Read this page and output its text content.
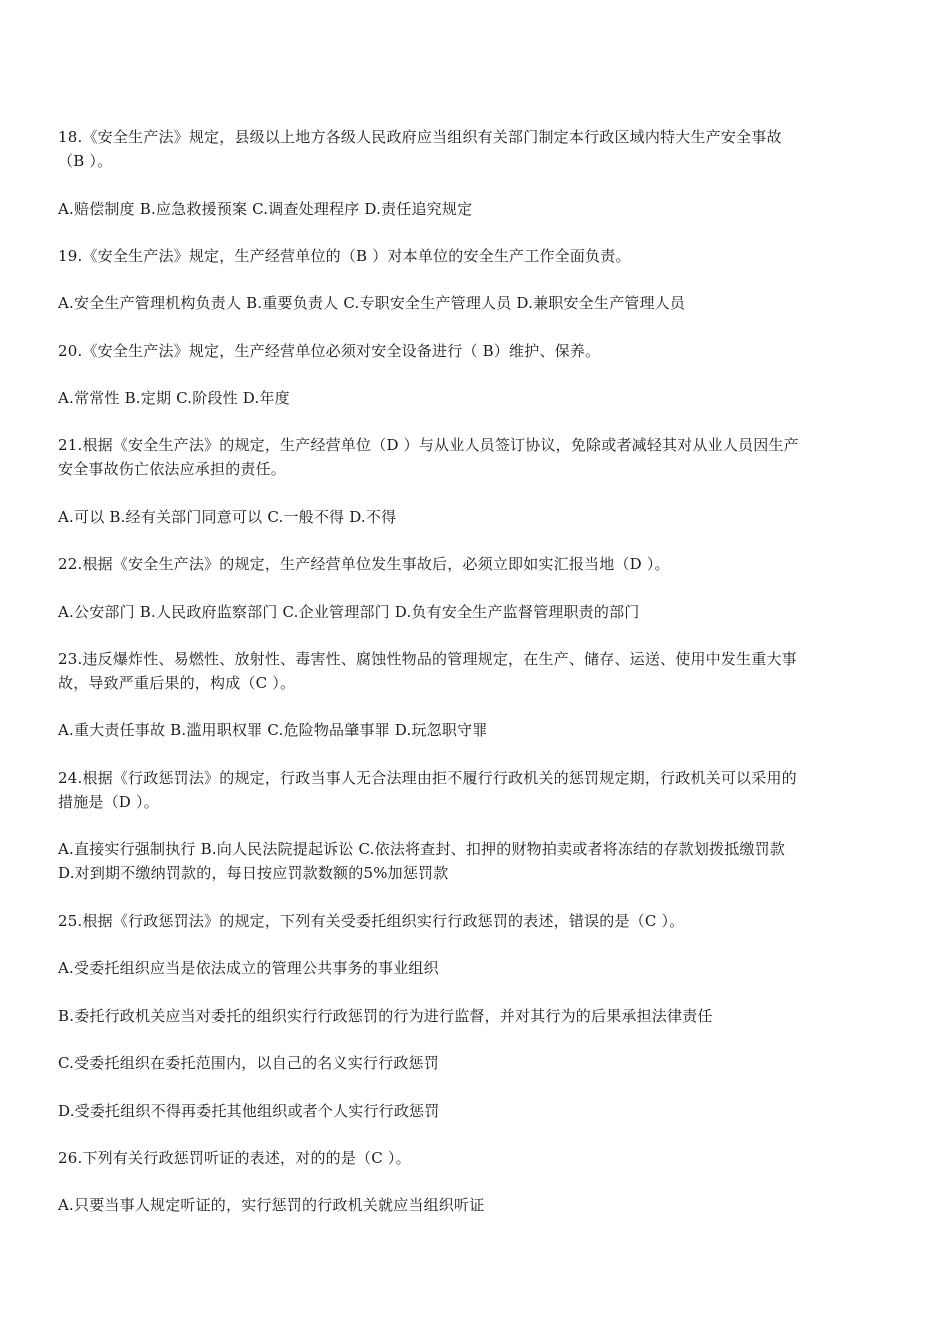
18.《安全生产法》规定，县级以上地方各级人民政府应当组织有关部门制定本行政区域内特大生产安全事故
（B ）。
A.赔偿制度 B.应急救援预案 C.调查处理程序 D.责任追究规定
19.《安全生产法》规定，生产经营单位的（B ）对本单位的安全生产工作全面负责。
A.安全生产管理机构负责人 B.重要负责人 C.专职安全生产管理人员 D.兼职安全生产管理人员
20.《安全生产法》规定，生产经营单位必须对安全设备进行（ B）维护、保养。
A.常常性 B.定期 C.阶段性 D.年度
21.根据《安全生产法》的规定，生产经营单位（D ）与从业人员签订协议，免除或者减轻其对从业人员因生产
安全事故伤亡依法应承担的责任。
A.可以 B.经有关部门同意可以 C.一般不得 D.不得
22.根据《安全生产法》的规定，生产经营单位发生事故后，必须立即如实汇报当地（D ）。
A.公安部门 B.人民政府监察部门 C.企业管理部门 D.负有安全生产监督管理职责的部门
23.违反爆炸性、易燃性、放射性、毒害性、腐蚀性物品的管理规定，在生产、储存、运送、使用中发生重大事
故，导致严重后果的，构成（C ）。
A.重大责任事故 B.滥用职权罪 C.危险物品肇事罪 D.玩忽职守罪
24.根据《行政惩罚法》的规定，行政当事人无合法理由拒不履行行政机关的惩罚规定期，行政机关可以采用的
措施是（D ）。
A.直接实行强制执行 B.向人民法院提起诉讼 C.依法将查封、扣押的财物拍卖或者将冻结的存款划拨抵缴罚款
D.对到期不缴纳罚款的，每日按应罚款数额的5%加惩罚款
25.根据《行政惩罚法》的规定，下列有关受委托组织实行行政惩罚的表述，错误的是（C ）。
A.受委托组织应当是依法成立的管理公共事务的事业组织
B.委托行政机关应当对委托的组织实行行政惩罚的行为进行监督，并对其行为的后果承担法律责任
C.受委托组织在委托范围内，以自己的名义实行行政惩罚
D.受委托组织不得再委托其他组织或者个人实行行政惩罚
26.下列有关行政惩罚听证的表述，对的的是（C ）。
A.只要当事人规定听证的，实行惩罚的行政机关就应当组织听证
